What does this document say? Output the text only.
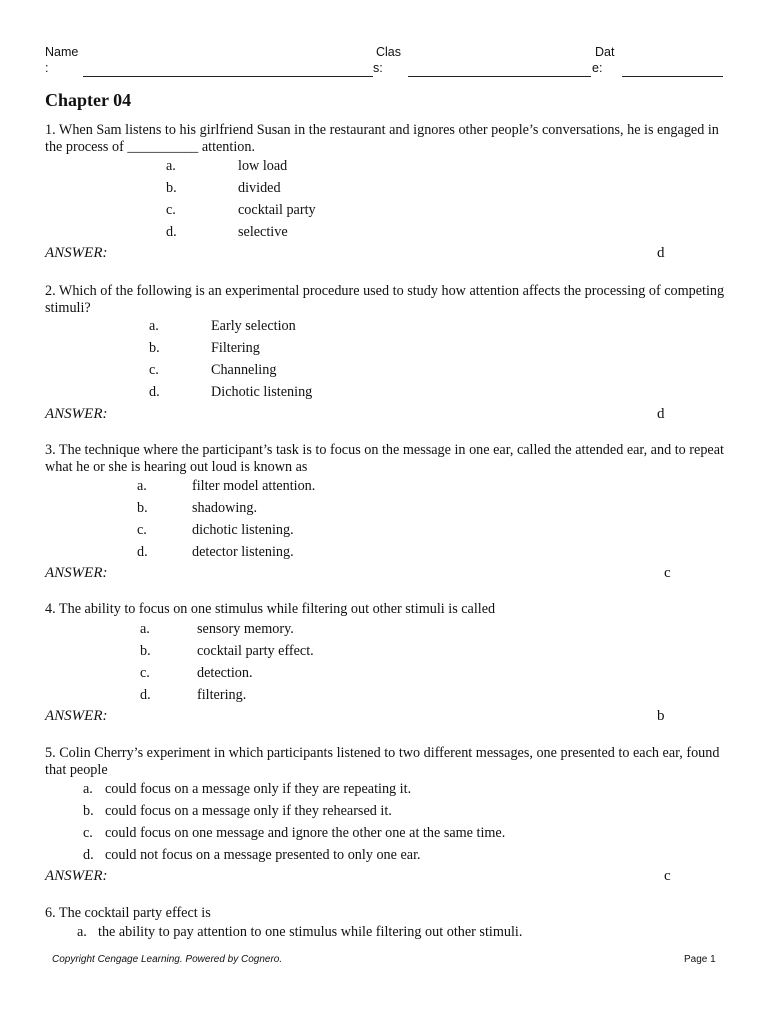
Name
:
Clas
s:
Dat
e:
Chapter 04
1. When Sam listens to his girlfriend Susan in the restaurant and ignores other people’s conversations, he is engaged in the process of __________ attention.
a.	low load
b.	divided
c.	cocktail party
d.	selective
ANSWER:	d
2. Which of the following is an experimental procedure used to study how attention affects the processing of competing stimuli?
a.	Early selection
b.	Filtering
c.	Channeling
d.	Dichotic listening
ANSWER:	d
3. The technique where the participant’s task is to focus on the message in one ear, called the attended ear, and to repeat what he or she is hearing out loud is known as
a.	filter model attention.
b.	shadowing.
c.	dichotic listening.
d.	detector listening.
ANSWER:	c
4. The ability to focus on one stimulus while filtering out other stimuli is called
a.	sensory memory.
b.	cocktail party effect.
c.	detection.
d.	filtering.
ANSWER:	b
5. Colin Cherry’s experiment in which participants listened to two different messages, one presented to each ear, found that people
a. could focus on a message only if they are repeating it.
b. could focus on a message only if they rehearsed it.
c. could focus on one message and ignore the other one at the same time.
d. could not focus on a message presented to only one ear.
ANSWER:	c
6. The cocktail party effect is
a. the ability to pay attention to one stimulus while filtering out other stimuli.
Copyright Cengage Learning. Powered by Cognero.	Page 1
